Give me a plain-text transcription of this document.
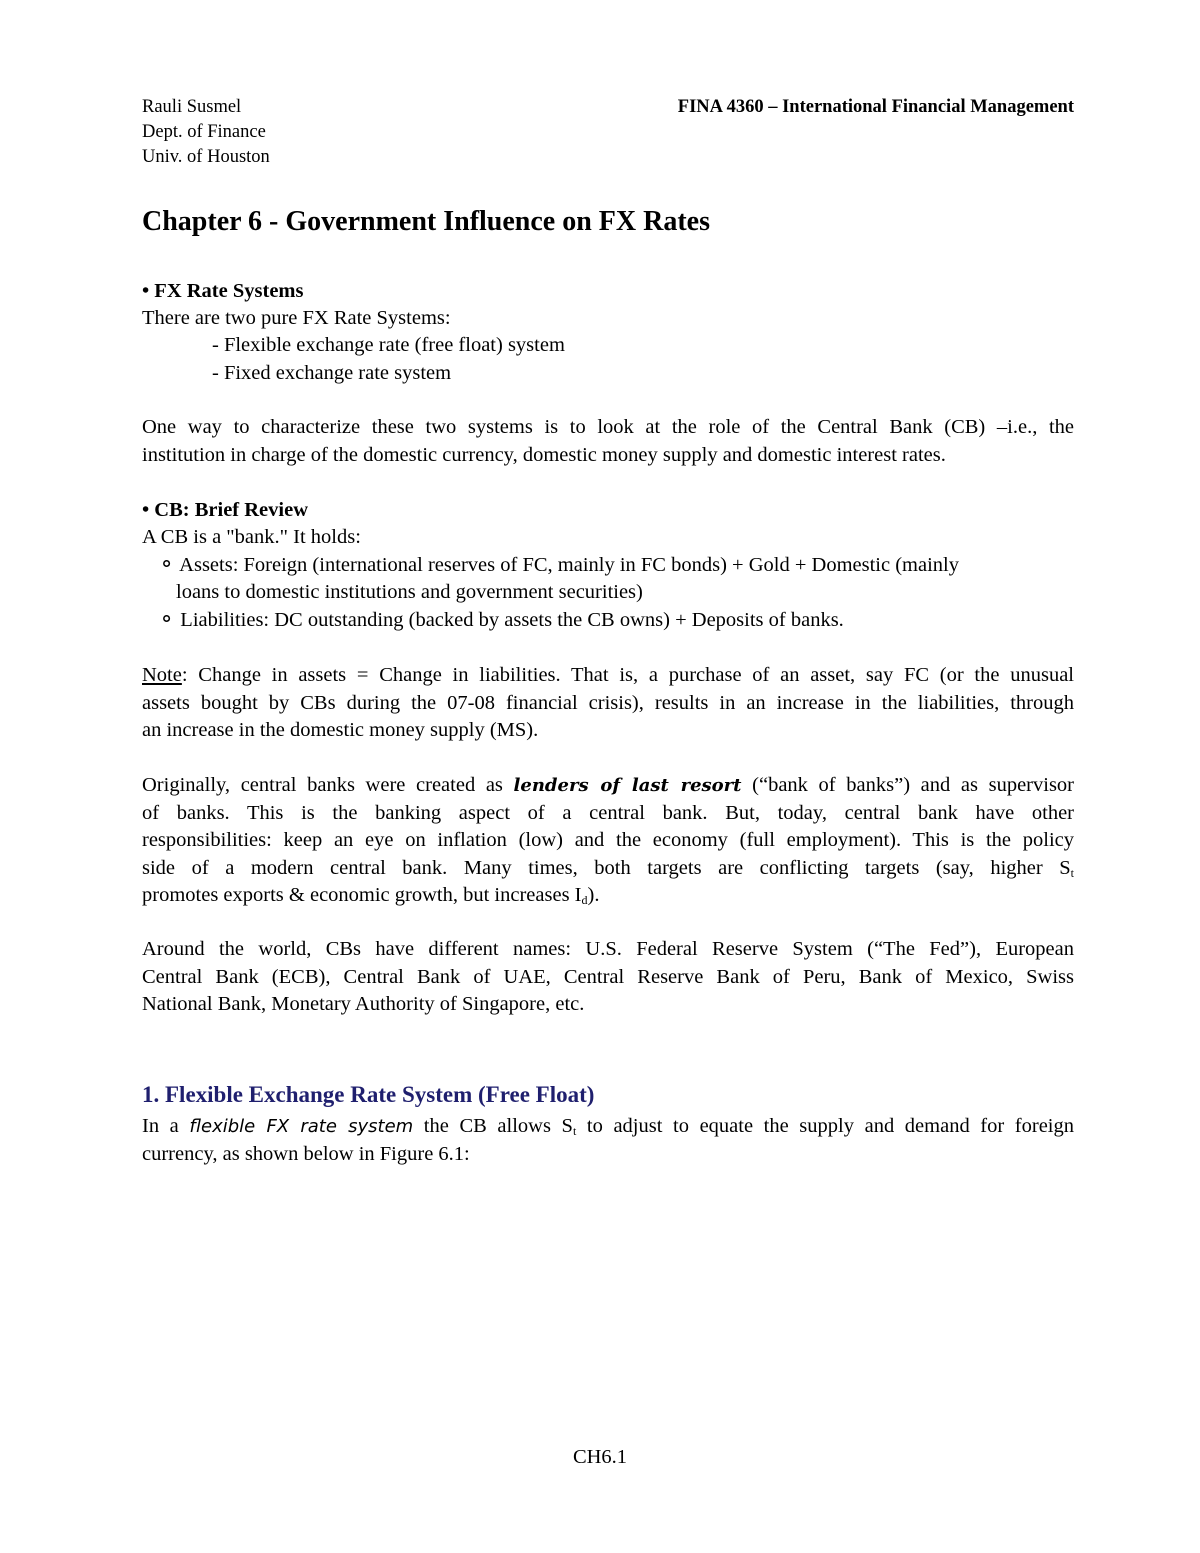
Rauli Susmel
Dept. of Finance
Univ. of Houston
FINA 4360 – International Financial Management
Chapter 6 - Government Influence on FX Rates
• FX Rate Systems
There are two pure FX Rate Systems:
- Flexible exchange rate (free float) system
- Fixed exchange rate system
One way to characterize these two systems is to look at the role of the Central Bank (CB) –i.e., the
institution in charge of the domestic currency, domestic money supply and domestic interest rates.
• CB: Brief Review
A CB is a "bank." It holds:
⚬ Assets: Foreign (international reserves of FC, mainly in FC bonds) + Gold + Domestic (mainly
loans to domestic institutions and government securities)
⚬ Liabilities: DC outstanding (backed by assets the CB owns) + Deposits of banks.
Note: Change in assets = Change in liabilities. That is, a purchase of an asset, say FC (or the unusual
assets bought by CBs during the 07-08 financial crisis), results in an increase in the liabilities, through
an increase in the domestic money supply (MS).
Originally, central banks were created as lenders of last resort (“bank of banks”) and as supervisor
of banks. This is the banking aspect of a central bank. But, today, central bank have other
responsibilities: keep an eye on inflation (low) and the economy (full employment). This is the policy
side of a modern central bank. Many times, both targets are conflicting targets (say, higher $S_t$
promotes exports & economic growth, but increases $I_d$).
Around the world, CBs have different names: U.S. Federal Reserve System (“The Fed”), European
Central Bank (ECB), Central Bank of UAE, Central Reserve Bank of Peru, Bank of Mexico, Swiss
National Bank, Monetary Authority of Singapore, etc.
1. Flexible Exchange Rate System (Free Float)
In a flexible FX rate system the CB allows $S_t$ to adjust to equate the supply and demand for foreign
currency, as shown below in Figure 6.1:
CH6.1
